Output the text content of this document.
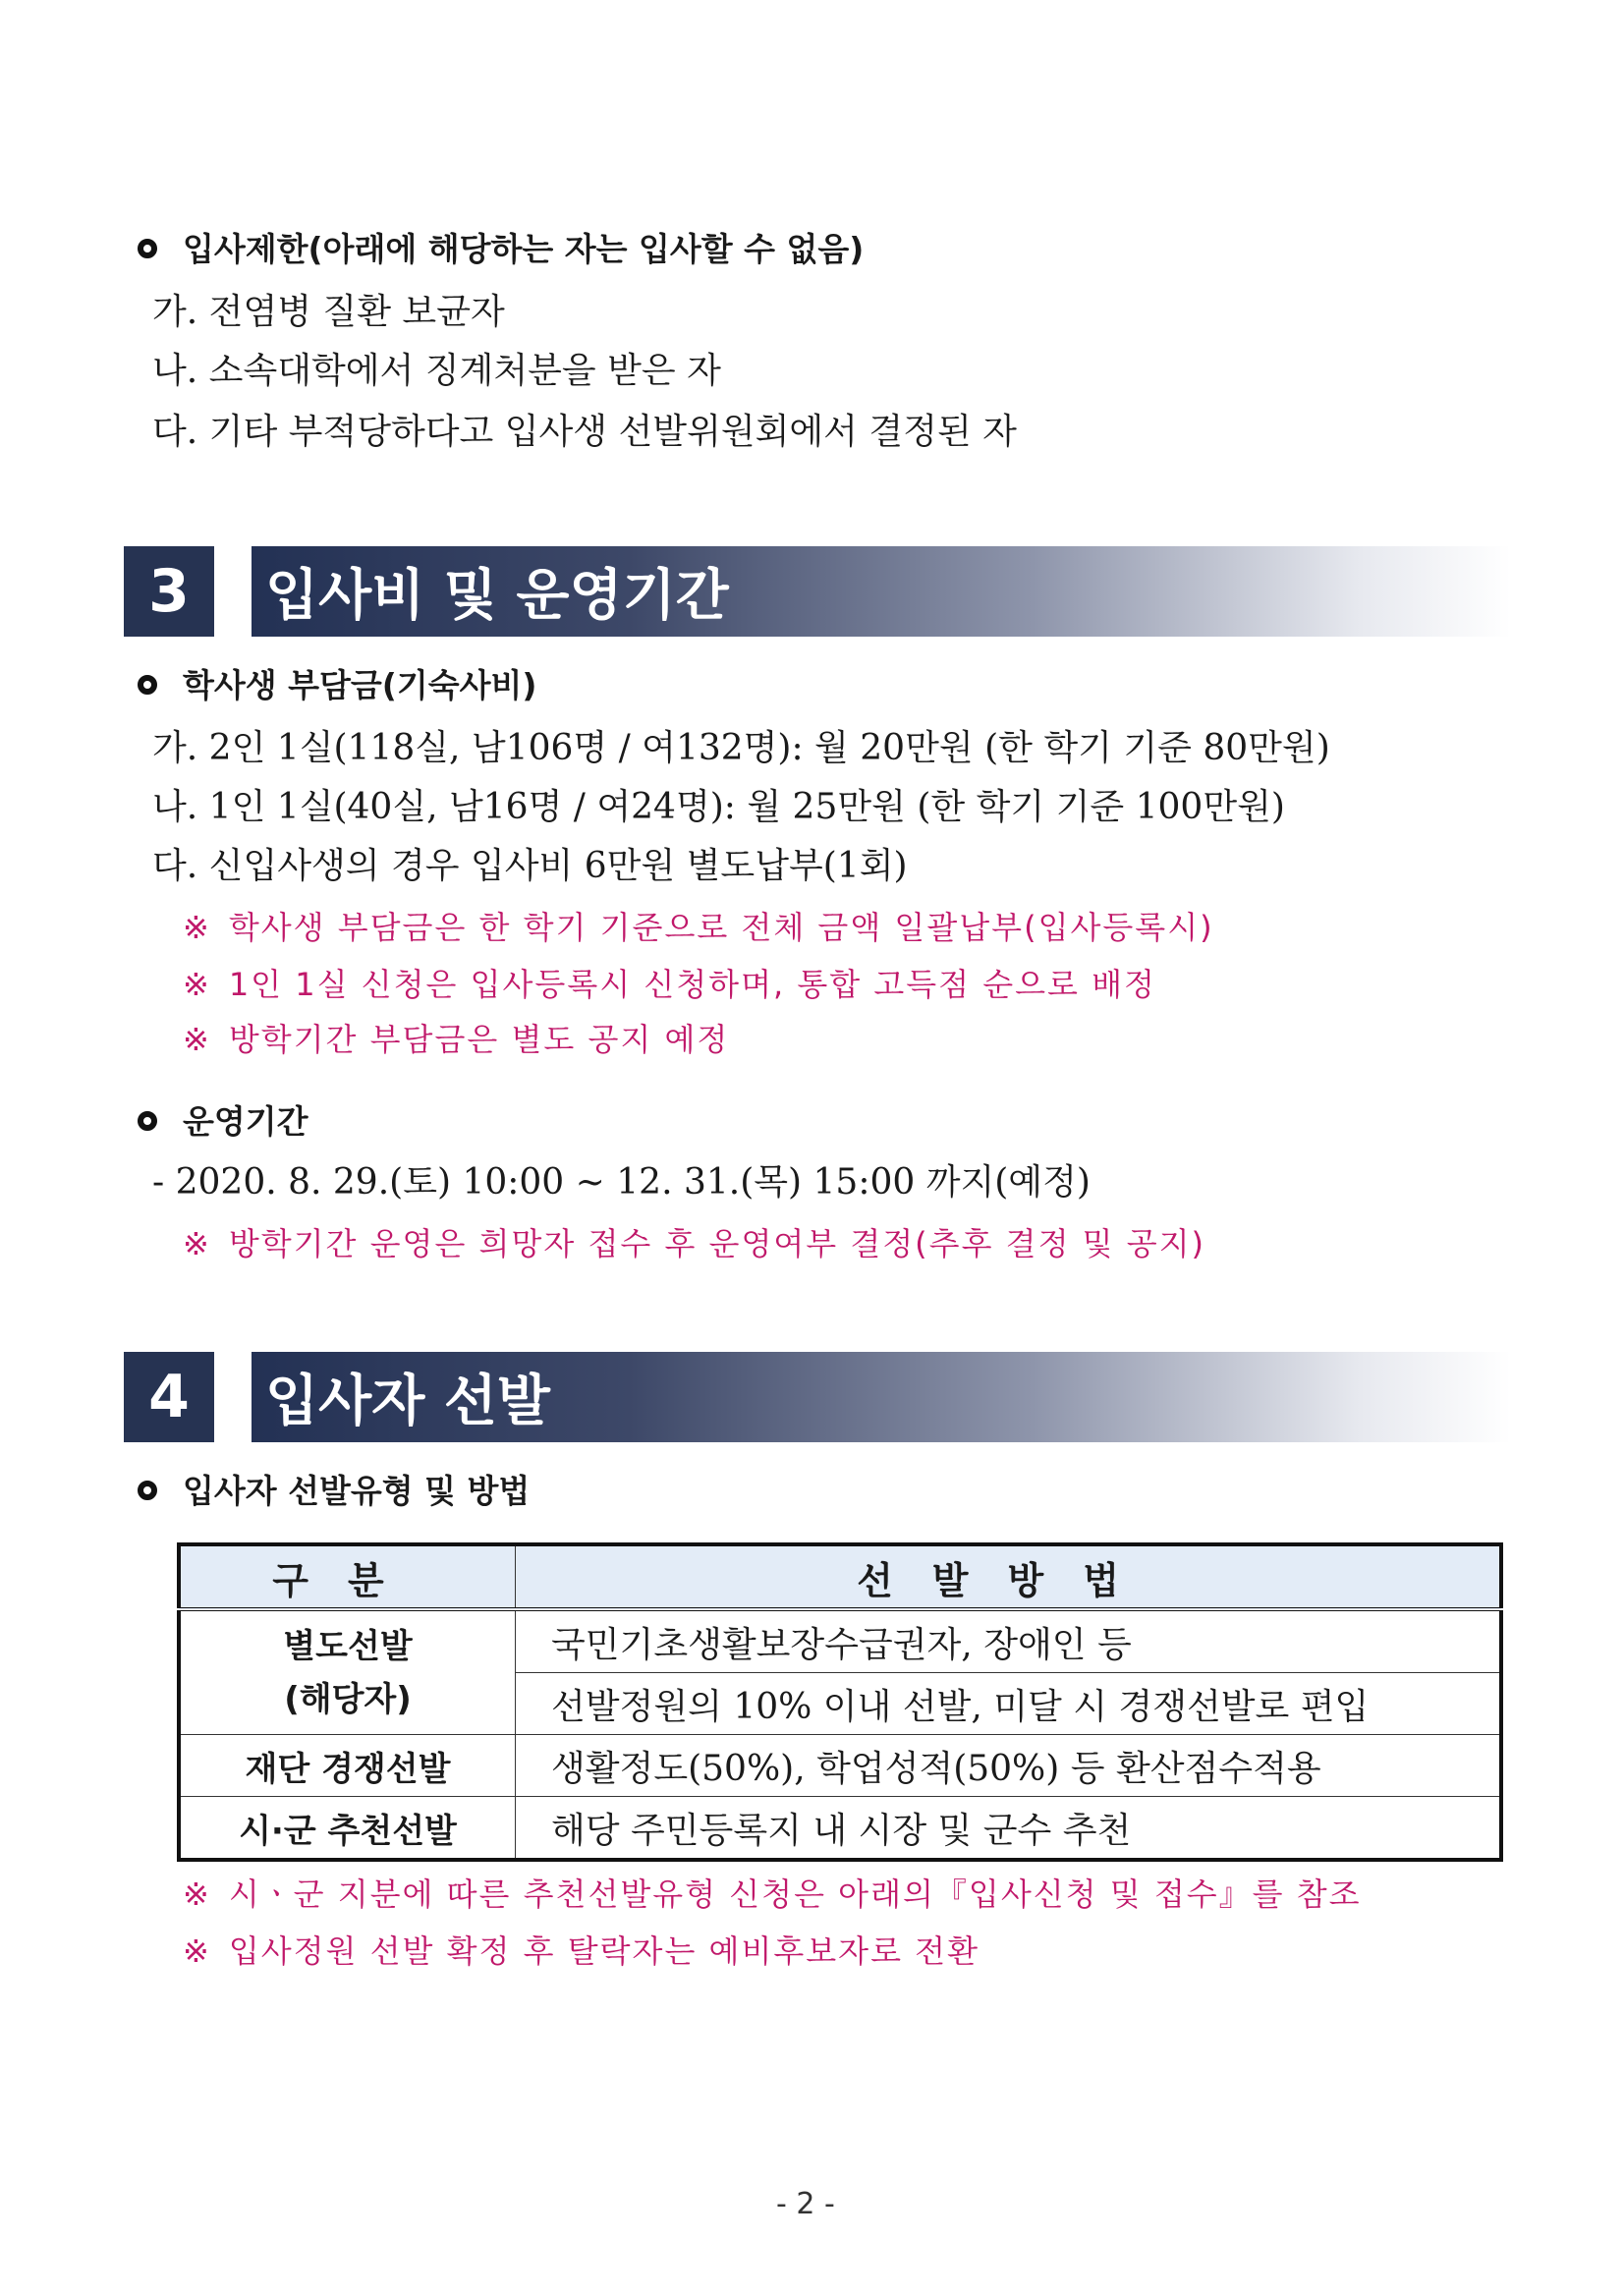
입사제한(아래에 해당하는 자는 입사할 수 없음)
가. 전염병 질환 보균자
나. 소속대학에서 징계처분을 받은 자
다. 기타 부적당하다고 입사생 선발위원회에서 결정된 자
3	입사비 및 운영기간
학사생 부담금(기숙사비)
가. 2인 1실(118실, 남106명 / 여132명): 월 20만원 (한 학기 기준 80만원)
나. 1인 1실(40실, 남16명 / 여24명): 월 25만원 (한 학기 기준 100만원)
다. 신입사생의 경우 입사비 6만원 별도납부(1회)
※ 학사생 부담금은 한 학기 기준으로 전체 금액 일괄납부(입사등록시)
※ 1인 1실 신청은 입사등록시 신청하며, 통합 고득점 순으로 배정
※ 방학기간 부담금은 별도 공지 예정
운영기간
- 2020. 8. 29.(토) 10:00 ~ 12. 31.(목) 15:00 까지(예정)
※ 방학기간 운영은 희망자 접수 후 운영여부 결정(추후 결정 및 공지)
4	입사자 선발
입사자 선발유형 및 방법
구분	선발방법

별도선발
(해당자)	국민기초생활보장수급권자, 장애인 등
	선발정원의 10% 이내 선발, 미달 시 경쟁선발로 편입
재단 경쟁선발	생활정도(50%), 학업성적(50%) 등 환산점수적용
시·군 추천선발	해당 주민등록지 내 시장 및 군수 추천
※ 시ㆍ군 지분에 따른 추천선발유형 신청은 아래의『입사신청 및 접수』를 참조
※ 입사정원 선발 확정 후 탈락자는 예비후보자로 전환
- 2 -
